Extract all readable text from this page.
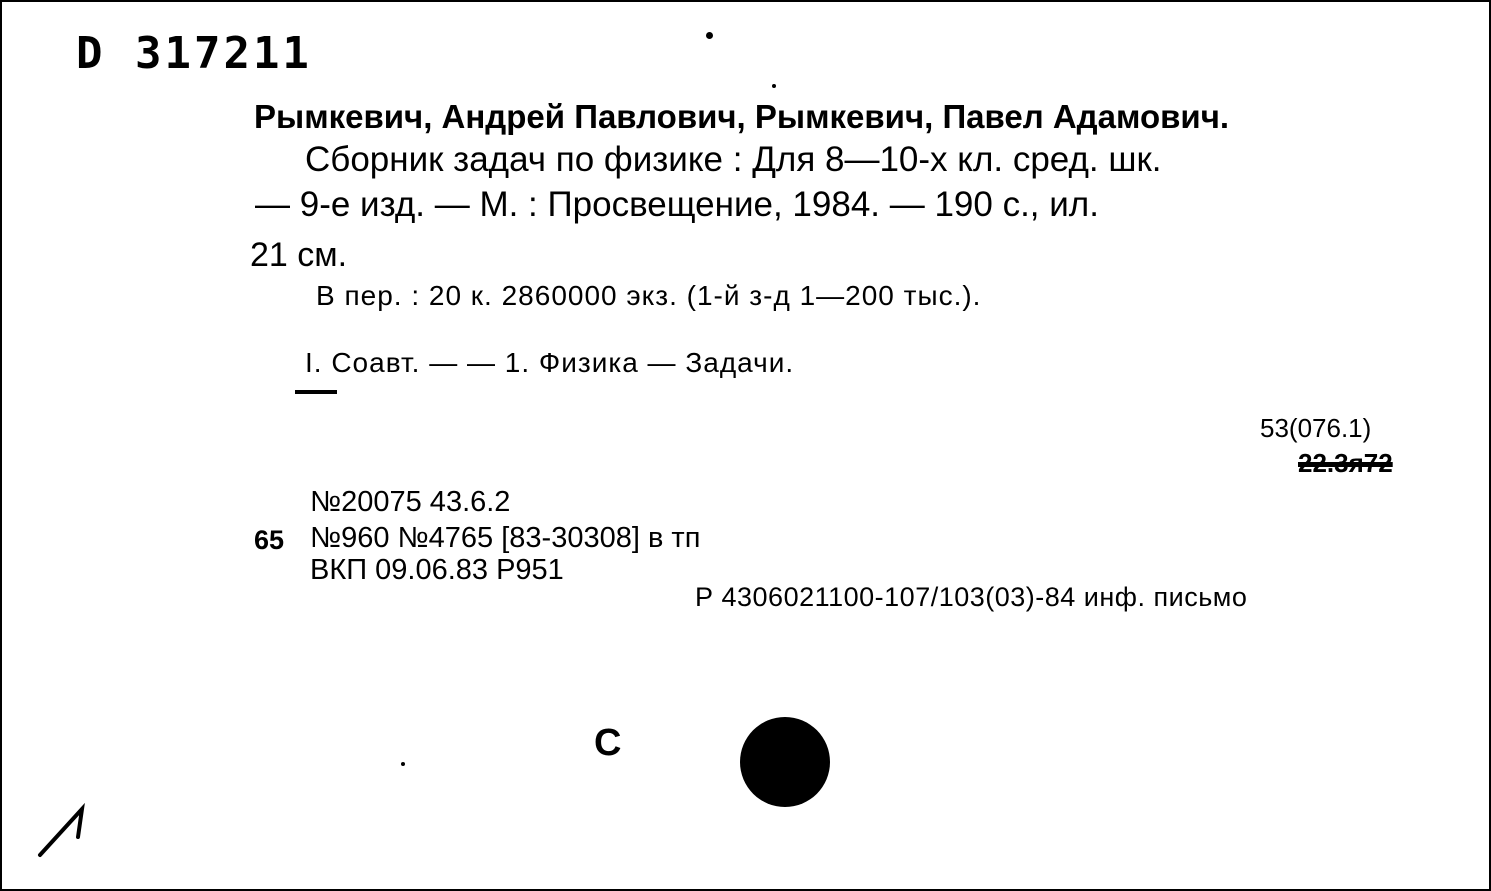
D 317211
Рымкевич, Андрей Павлович, Рымкевич, Павел Адамович.
Сборник задач по физике : Для 8—10-х кл. сред. шк.
— 9-е изд. — М. : Просвещение, 1984. — 190 с., ил.
21 см.
В пер. : 20 к. 2860000 экз. (1-й з-д 1—200 тыс.).
I. Соавт. — — 1. Физика — Задачи.
53(076.1)
22.3я72
№20075 43.6.2
65 №960 №4765 [83-30308] в тп
ВКП 09.06.83 Р951
Р 4306021100-107/103(03)-84 инф. письмо
С
